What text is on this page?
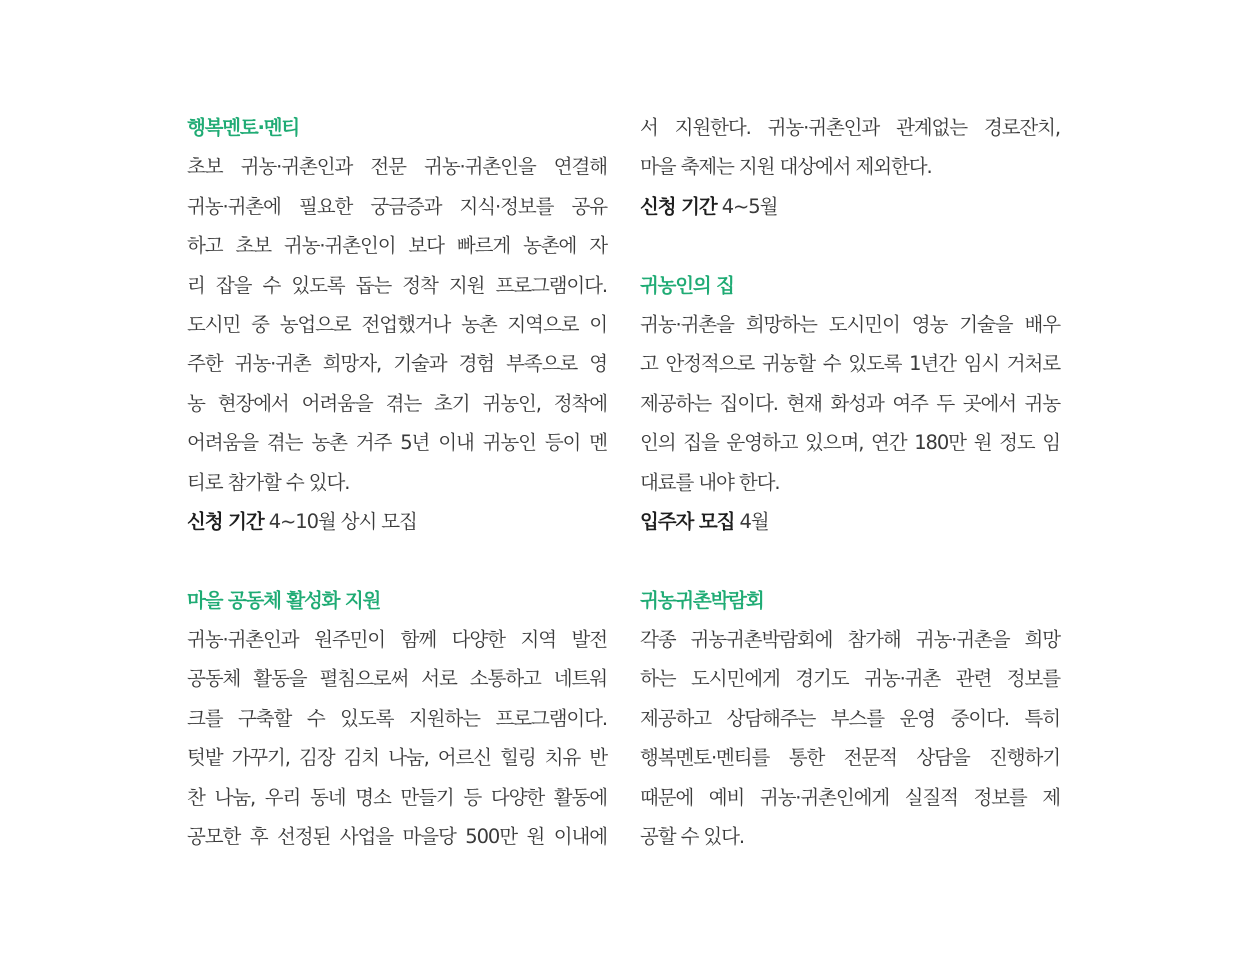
행복멘토·멘티
초보 귀농·귀촌인과 전문 귀농·귀촌인을 연결해
귀농·귀촌에 필요한 궁금증과 지식·정보를 공유
하고 초보 귀농·귀촌인이 보다 빠르게 농촌에 자
리 잡을 수 있도록 돕는 정착 지원 프로그램이다.
도시민 중 농업으로 전업했거나 농촌 지역으로 이
주한 귀농·귀촌 희망자, 기술과 경험 부족으로 영
농 현장에서 어려움을 겪는 초기 귀농인, 정착에
어려움을 겪는 농촌 거주 5년 이내 귀농인 등이 멘
티로 참가할 수 있다.
신청 기간 4~10월 상시 모집
마을 공동체 활성화 지원
귀농·귀촌인과 원주민이 함께 다양한 지역 발전
공동체 활동을 펼침으로써 서로 소통하고 네트워
크를 구축할 수 있도록 지원하는 프로그램이다.
텃밭 가꾸기, 김장 김치 나눔, 어르신 힐링 치유 반
찬 나눔, 우리 동네 명소 만들기 등 다양한 활동에
공모한 후 선정된 사업을 마을당 500만 원 이내에
서 지원한다. 귀농·귀촌인과 관계없는 경로잔치,
마을 축제는 지원 대상에서 제외한다.
신청 기간 4~5월
귀농인의 집
귀농·귀촌을 희망하는 도시민이 영농 기술을 배우
고 안정적으로 귀농할 수 있도록 1년간 임시 거처로
제공하는 집이다. 현재 화성과 여주 두 곳에서 귀농
인의 집을 운영하고 있으며, 연간 180만 원 정도 임
대료를 내야 한다.
입주자 모집 4월
귀농귀촌박람회
각종 귀농귀촌박람회에 참가해 귀농·귀촌을 희망
하는 도시민에게 경기도 귀농·귀촌 관련 정보를
제공하고 상담해주는 부스를 운영 중이다. 특히
행복멘토·멘티를 통한 전문적 상담을 진행하기
때문에 예비 귀농·귀촌인에게 실질적 정보를 제
공할 수 있다.
